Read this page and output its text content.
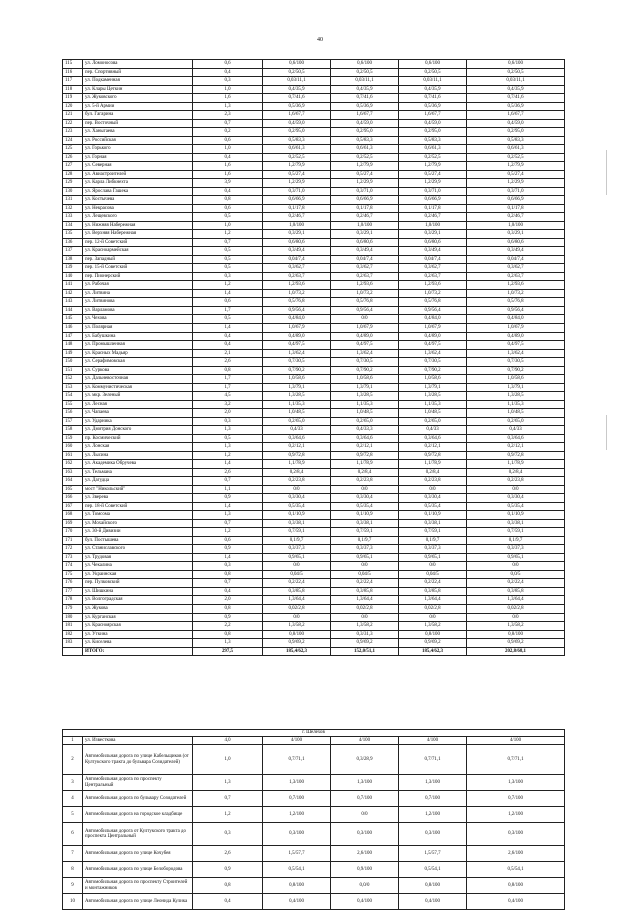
40
115	ул. Ломоносова	0,6	0,6/100	0,6/100	0,6/100	0,6/100
116	пер. Спортивный	0,4	0,2/50,5	0,2/50,5	0,2/50,5	0,2/50,5
117	ул. Подкаменная	0,3	0,03/11,1	0,03/11,1	0,03/11,1	0,03/11,1
118	ул. Клары Цеткин	1,0	0,4/35,9	0,4/35,9	0,4/35,9	0,4/35,9
119	ул. Жуковского	1,6	0,7/41,6	0,7/41,6	0,7/41,6	0,7/41,6
120	ул. 5-й Армии	1,3	0,5/36,9	0,5/36,9	0,5/36,9	0,5/36,9
121	бул. Гагарина	2,3	1,6/67,7	1,6/67,7	1,6/67,7	1,6/67,7
122	пер. Восточный	0,7	0,4/59,0	0,4/59,0	0,4/59,0	0,4/59,0
123	ул. Ханыгаева	0,2	0,2/95,0	0,2/95,0	0,2/95,0	0,2/95,0
124	ул. Российская	0,6	0,5/83,3	0,5/83,3	0,5/83,3	0,5/83,3
125	ул. Горького	1,0	0,6/61,3	0,6/61,3	0,6/61,3	0,6/61,3
126	ул. Горная	0,4	0,2/52,5	0,2/52,5	0,2/52,5	0,2/52,5
127	ул. Северная	1,6	1,2/79,9	1,2/79,9	1,2/79,9	1,2/79,9
128	ул. Авиастроителей	1,6	0,5/27,4	0,5/27,4	0,5/27,4	0,5/27,4
129	ул. Карла Либкнехта	3,9	1,2/29,9	1,2/29,9	1,2/29,9	1,2/29,9
130	ул. Ярослава Гашека	0,4	0,3/71,0	0,3/71,0	0,3/71,0	0,3/71,0
131	ул. Костычева	0,8	0,6/66,9	0,6/66,9	0,6/66,9	0,6/66,9
132	ул. Некрасова	0,6	0,1/17,8	0,1/17,8	0,1/17,8	0,1/17,8
133	ул. Лещевского	0,5	0,2/46,7	0,2/46,7	0,2/46,7	0,2/46,7
134	ул. Нижняя Набережная	1,0	1,0/100	1,0/100	1,0/100	1,0/100
135	ул. Верхняя Набережная	1,2	0,3/29,1	0,3/29,1	0,3/29,1	0,3/29,1
136	пер. 12-й Советский	0,7	0,6/80,6	0,6/80,6	0,6/80,6	0,6/80,6
137	ул. Красноармейская	0,5	0,3/49,4	0,3/49,4	0,3/49,4	0,3/49,4
138	пер. Западный	0,5	0,04/7,4	0,04/7,4	0,04/7,4	0,04/7,4
139	пер. 15-й Советский	0,5	0,3/62,7	0,3/62,7	0,3/62,7	0,3/62,7
140	пер. Пионерский	0,3	0,2/63,7	0,2/63,7	0,2/63,7	0,2/63,7
141	ул. Рабочая	1,2	1,2/93,6	1,2/93,6	1,2/93,6	1,2/93,6
142	ул. Литвина	1,4	1,0/73,2	1,0/73,2	1,0/73,2	1,0/73,2
143	ул. Литвинова	0,6	0,5/76,8	0,5/76,8	0,5/76,8	0,5/76,8
144	ул. Варламова	1,7	0,9/56,4	0,9/56,4	0,9/56,4	0,9/56,4
145	ул. Чехова	0,5	0,4/84,0	0/0	0,4/84,0	0,4/84,0
146	ул. Полярная	1,4	1,0/67,9	1,0/67,9	1,0/67,9	1,0/67,9
147	ул. Бабушкина	0,4	0,4/89,0	0,4/89,0	0,4/89,0	0,4/89,0
148	ул. Промышленная	0,4	0,4/97,5	0,4/97,5	0,4/97,5	0,4/97,5
149	ул. Красных Мадьяр	2,1	1,3/62,4	1,3/62,4	1,3/62,4	1,3/62,4
150	ул. Серафимовская	2,6	0,7/30,5	0,7/30,5	0,7/30,5	0,7/30,5
151	ул. Суркова	0,8	0,7/90,2	0,7/90,2	0,7/90,2	0,7/90,2
152	ул. Дальневосточная	1,7	1,0/58,6	1,0/58,6	1,0/58,6	1,0/58,6
153	ул. Коммунистическая	1,7	1,3/79,1	1,3/79,1	1,3/79,1	1,3/79,1
154	ул. мкр. Зеленый	4,5	1,3/28,5	1,3/28,5	1,3/28,5	1,3/28,5
155	ул. Лесная	3,2	1,1/35,3	1,1/35,3	1,1/35,3	1,1/35,3
156	ул. Чапаева	2,0	1,0/48,5	1,0/48,5	1,0/48,5	1,0/48,5
157	ул. Ударника	0,3	0,2/65,0	0,2/65,0	0,2/65,0	0,2/65,0
158	ул. Дмитрия Донского	1,3	0,4/33	0,4/33,3	0,4/33	0,4/33
159	пр. Космический	0,5	0,3/64,6	0,3/64,6	0,3/64,6	0,3/64,6
160	ул. Лонская	1,3	0,2/12,1	0,2/12,1	0,2/12,1	0,2/12,1
161	ул. Лысина	1,2	0,9/72,8	0,9/72,8	0,9/72,8	0,9/72,8
162	ул. Академика Обручева	1,4	1,1/78,9	1,1/78,9	1,1/78,9	1,1/78,9
163	ул. Тельмана	2,6	0,2/8,4	0,2/8,4	0,2/8,4	0,2/8,4
164	ул. Дагудца	0,7	0,2/23,8	0,2/23,8	0,2/23,8	0,2/23,8
165	мост "Никольский"	1,1	0/0	0/0	0/0	0/0
166	ул. Зверева	0,9	0,3/30,4	0,3/30,4	0,3/30,4	0,3/30,4
167	пер. 18-й Советский	1,4	0,5/35,4	0,5/35,4	0,5/35,4	0,5/35,4
168	ул. Томсома	1,3	0,1/10,9	0,1/10,9	0,1/10,9	0,1/10,9
169	ул. Мохайского	0,7	0,3/38,1	0,3/38,1	0,3/38,1	0,3/38,1
170	ул. 30-й Дивизии	1,2	0,7/59,1	0,7/59,1	0,7/59,1	0,7/59,1
171	бул. Постышева	0,6	0,1/9,7	0,1/9,7	0,1/9,7	0,1/9,7
172	ул. Станиславского	0,9	0,3/37,3	0,3/37,3	0,3/37,3	0,3/37,3
173	ул. Трудовая	1,4	0,9/65,1	0,9/65,1	0,9/65,1	0,9/65,1
174	ул. Чекалина	0,3	0/0	0/0	0/0	0/0
175	ул. Украинская	0,8	0,04/5	0,04/5	0,04/5	0,0/5
176	пер. Пулковский	0,7	0,2/22,4	0,2/22,4	0,2/22,4	0,2/22,4
177	ул. Шишкина	0,4	0,3/85,8	0,3/85,8	0,3/85,8	0,3/85,8
178	ул. Волгоградская	2,0	1,3/64,4	1,3/64,4	1,3/64,4	1,3/64,4
179	ул. Жукова	0,8	0,02/2,8	0,02/2,8	0,02/2,8	0,02/2,8
180	ул. Курганская	0,9	0/0	0/0	0/0	0/0
181	ул. Красноярская	2,2	1,3/58,2	1,3/58,2	1,3/58,2	1,3/58,2
182	ул. Уткина	0,8	0,8/100	0,3/31,3	0,8/100	0,8/100
183	ул. Киселева	1,3	0,9/69,2	0,9/69,2	0,9/69,2	0,9/69,2
	ИТОГО:	297,5	185,4/62,3	152,0/51,1	185,4/62,3	202,8/68,1
г. Шелехов						
1	ул. Известкова	4,0	4/100	4/100	4/100	4/100
2	Автомобильная дорога по улице Кабельщиков (от Култукского тракта до бульвара Созидателей)	1,0	0,7/71,1	0,3/28,9	0,7/71,1	0,7/71,1
3	Автомобильная дорога по проспекту Центральный	1,3	1,3/100	1,3/100	1,3/100	1,3/100
4	Автомобильная дорога по бульвару Созидателей	0,7	0,7/100	0,7/100	0,7/100	0,7/100
5	Автомобильная дорога на городское кладбище	1,2	1,2/100	0/0	1,2/100	1,2/100
6	Автомобильная дорога от Култукского тракта до проспекта Центральный	0,3	0,3/100	0,3/100	0,3/100	0,3/100
7	Автомобильная дорога по улице Кочубея	2,6	1,5/57,7	2,6/100	1,5/57,7	2,6/100
8	Автомобильная дорога по улице Белобородова	0,9	0,5/54,1	0,9/100	0,5/54,1	0,5/54,1
9	Автомобильная дорога по проспекту Строителей и монтажников	0,8	0,8/100	0,0/0	0,8/100	0,8/100
10	Автомобильная дорога по улице Леонида Кулика	0,4	0,4/100	0,4/100	0,4/100	0,4/100
